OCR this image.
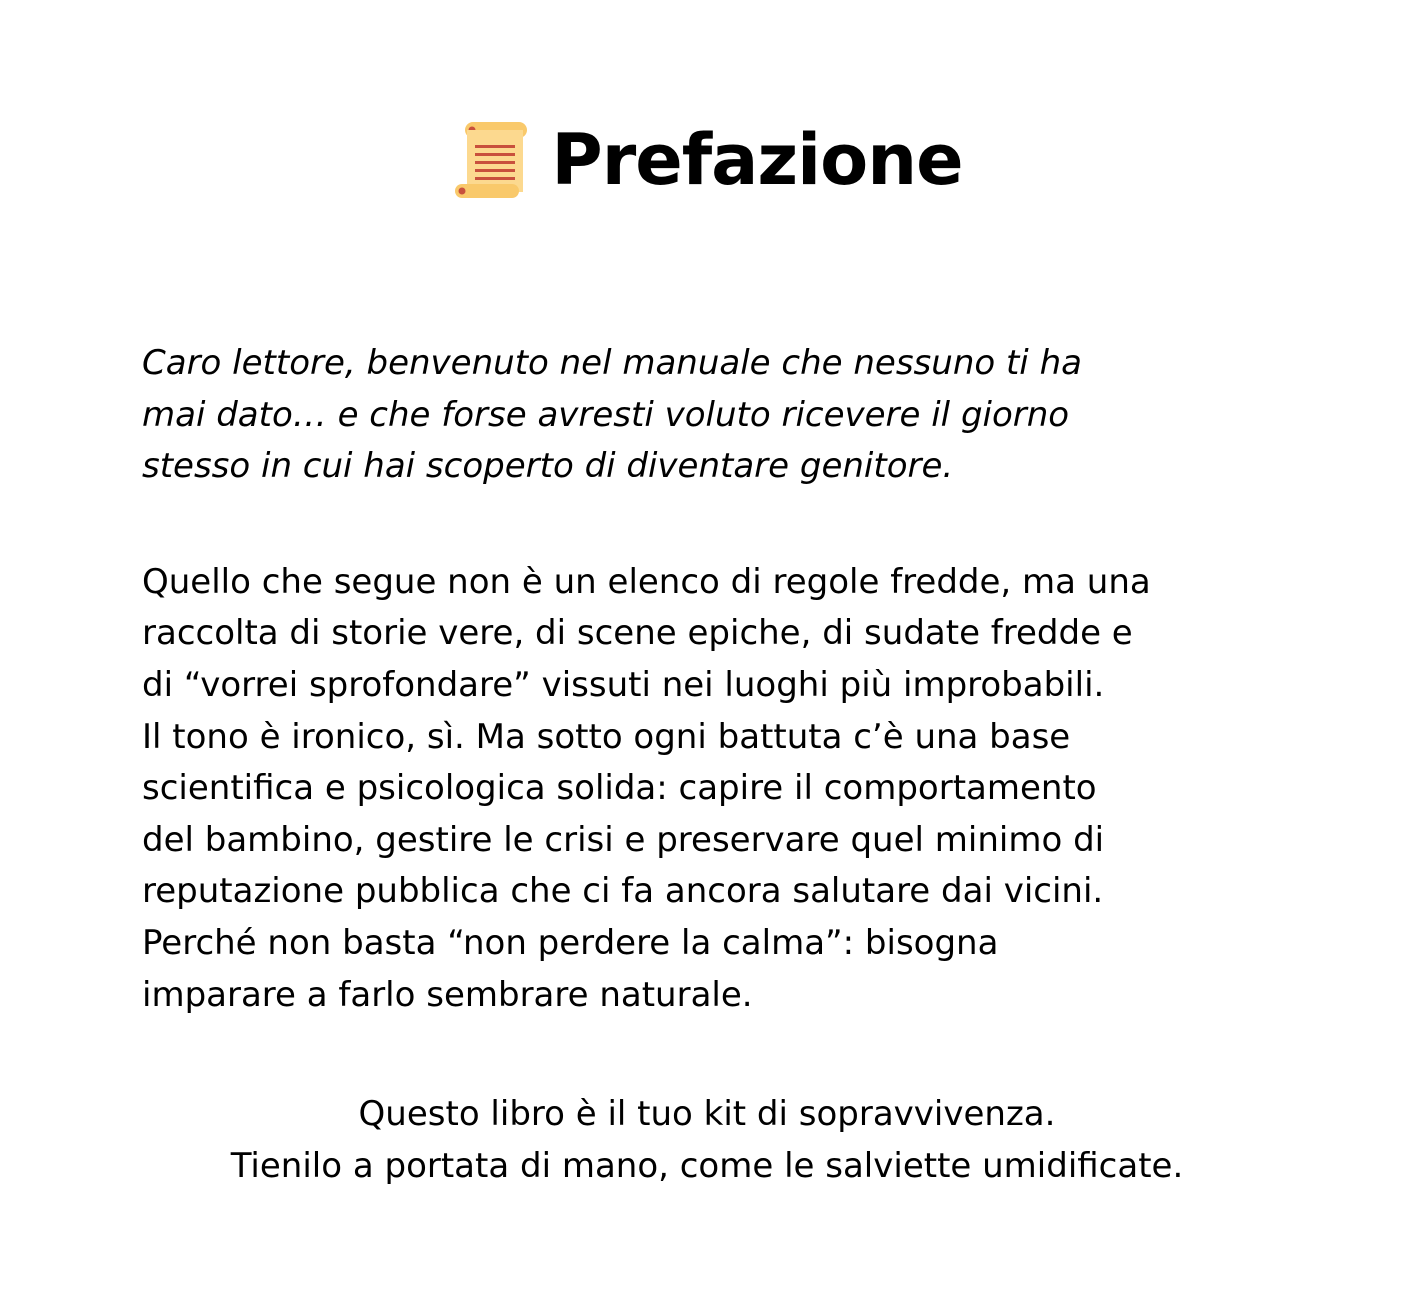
Prefazione

Caro lettore, benvenuto nel manuale che nessuno ti ha
mai dato… e che forse avresti voluto ricevere il giorno
stesso in cui hai scoperto di diventare genitore.

Quello che segue non è un elenco di regole fredde, ma una
raccolta di storie vere, di scene epiche, di sudate fredde e
di “vorrei sprofondare” vissuti nei luoghi più improbabili.
Il tono è ironico, sì. Ma sotto ogni battuta c’è una base
scientifica e psicologica solida: capire il comportamento
del bambino, gestire le crisi e preservare quel minimo di
reputazione pubblica che ci fa ancora salutare dai vicini.
Perché non basta “non perdere la calma”: bisogna
imparare a farlo sembrare naturale.

Questo libro è il tuo kit di sopravvivenza.
Tienilo a portata di mano, come le salviette umidificate.
